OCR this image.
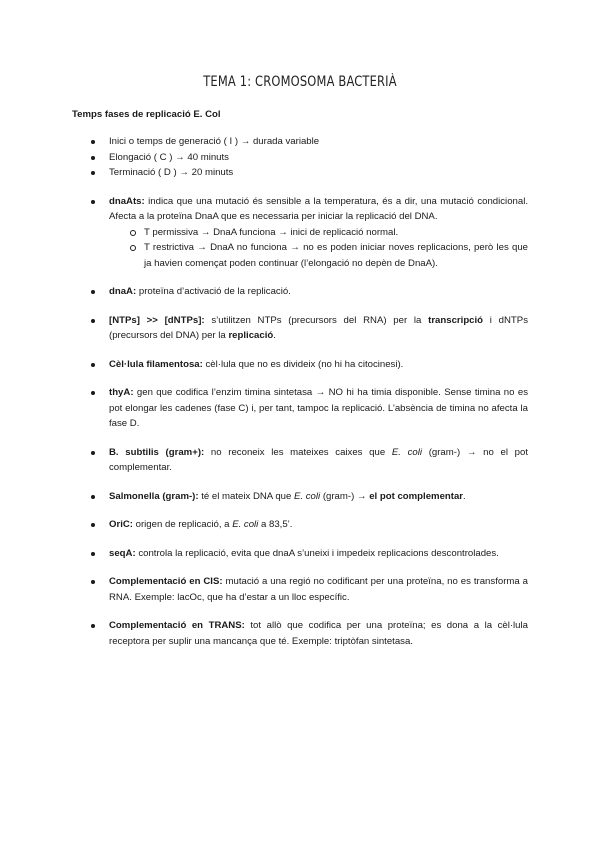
TEMA 1: CROMOSOMA BACTERIÀ
Temps fases de replicació E. Col
Inici o temps de generació ( I ) → durada variable
Elongació ( C ) → 40 minuts
Terminació ( D ) → 20 minuts
dnaAts: indica que una mutació és sensible a la temperatura, és a dir, una mutació condicional. Afecta a la proteïna DnaA que es necessaria per iniciar la replicació del DNA.
T permissiva → DnaA funciona → inici de replicació normal.
T restrictiva → DnaA no funciona → no es poden iniciar noves replicacions, però les que ja havien començat poden continuar (l’elongació no depèn de DnaA).
dnaA: proteïna d’activació de la replicació.
[NTPs] >> [dNTPs]: s’utilitzen NTPs (precursors del RNA) per la transcripció i dNTPs (precursors del DNA) per la replicació.
Cèl·lula filamentosa: cèl·lula que no es divideix (no hi ha citocinesi).
thyA: gen que codifica l’enzim timina sintetasa → NO hi ha timia disponible. Sense timina no es pot elongar les cadenes (fase C) i, per tant, tampoc la replicació. L’absència de timina no afecta la fase D.
B. subtilis (gram+): no reconeix les mateixes caixes que E. coli (gram-) → no el pot complementar.
Salmonella (gram-): té el mateix DNA que E. coli (gram-) → el pot complementar.
OriC: origen de replicació, a E. coli a 83,5’.
seqA: controla la replicació, evita que dnaA s’uneixi i impedeix replicacions descontrolades.
Complementació en CIS: mutació a una regió no codificant per una proteïna, no es transforma a RNA. Exemple: lacOc, que ha d’estar a un lloc específic.
Complementació en TRANS: tot allò que codifica per una proteïna; es dona a la cèl·lula receptora per suplir una mancança que té. Exemple: triptòfan sintetasa.
